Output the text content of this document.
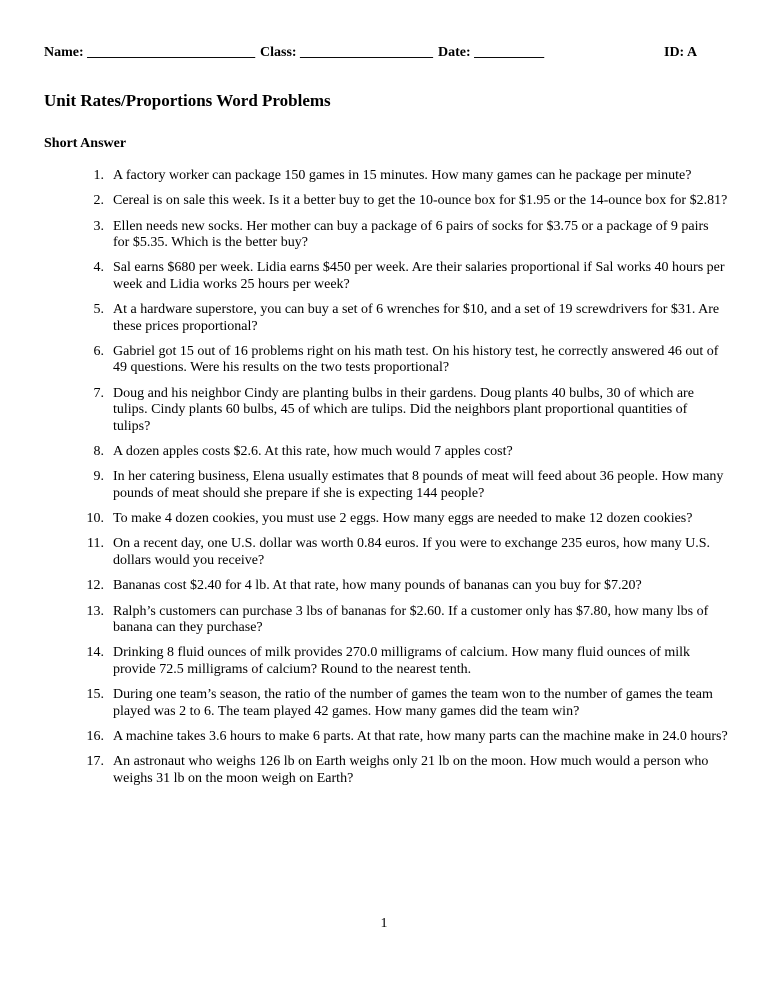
Name: ________________________ Class: ___________________ Date: __________	ID: A
Unit Rates/Proportions Word Problems
Short Answer
1. A factory worker can package 150 games in 15 minutes. How many games can he package per minute?
2. Cereal is on sale this week. Is it a better buy to get the 10-ounce box for $1.95 or the 14-ounce box for $2.81?
3. Ellen needs new socks. Her mother can buy a package of 6 pairs of socks for $3.75 or a package of 9 pairs for $5.35. Which is the better buy?
4. Sal earns $680 per week. Lidia earns $450 per week. Are their salaries proportional if Sal works 40 hours per week and Lidia works 25 hours per week?
5. At a hardware superstore, you can buy a set of 6 wrenches for $10, and a set of 19 screwdrivers for $31. Are these prices proportional?
6. Gabriel got 15 out of 16 problems right on his math test. On his history test, he correctly answered 46 out of 49 questions. Were his results on the two tests proportional?
7. Doug and his neighbor Cindy are planting bulbs in their gardens. Doug plants 40 bulbs, 30 of which are tulips. Cindy plants 60 bulbs, 45 of which are tulips. Did the neighbors plant proportional quantities of tulips?
8. A dozen apples costs $2.6. At this rate, how much would 7 apples cost?
9. In her catering business, Elena usually estimates that 8 pounds of meat will feed about 36 people. How many pounds of meat should she prepare if she is expecting 144 people?
10. To make 4 dozen cookies, you must use 2 eggs. How many eggs are needed to make 12 dozen cookies?
11. On a recent day, one U.S. dollar was worth 0.84 euros. If you were to exchange 235 euros, how many U.S. dollars would you receive?
12. Bananas cost $2.40 for 4 lb. At that rate, how many pounds of bananas can you buy for $7.20?
13. Ralph’s customers can purchase 3 lbs of bananas for $2.60. If a customer only has $7.80, how many lbs of banana can they purchase?
14. Drinking 8 fluid ounces of milk provides 270.0 milligrams of calcium. How many fluid ounces of milk provide 72.5 milligrams of calcium? Round to the nearest tenth.
15. During one team’s season, the ratio of the number of games the team won to the number of games the team played was 2 to 6. The team played 42 games. How many games did the team win?
16. A machine takes 3.6 hours to make 6 parts. At that rate, how many parts can the machine make in 24.0 hours?
17. An astronaut who weighs 126 lb on Earth weighs only 21 lb on the moon. How much would a person who weighs 31 lb on the moon weigh on Earth?
1
